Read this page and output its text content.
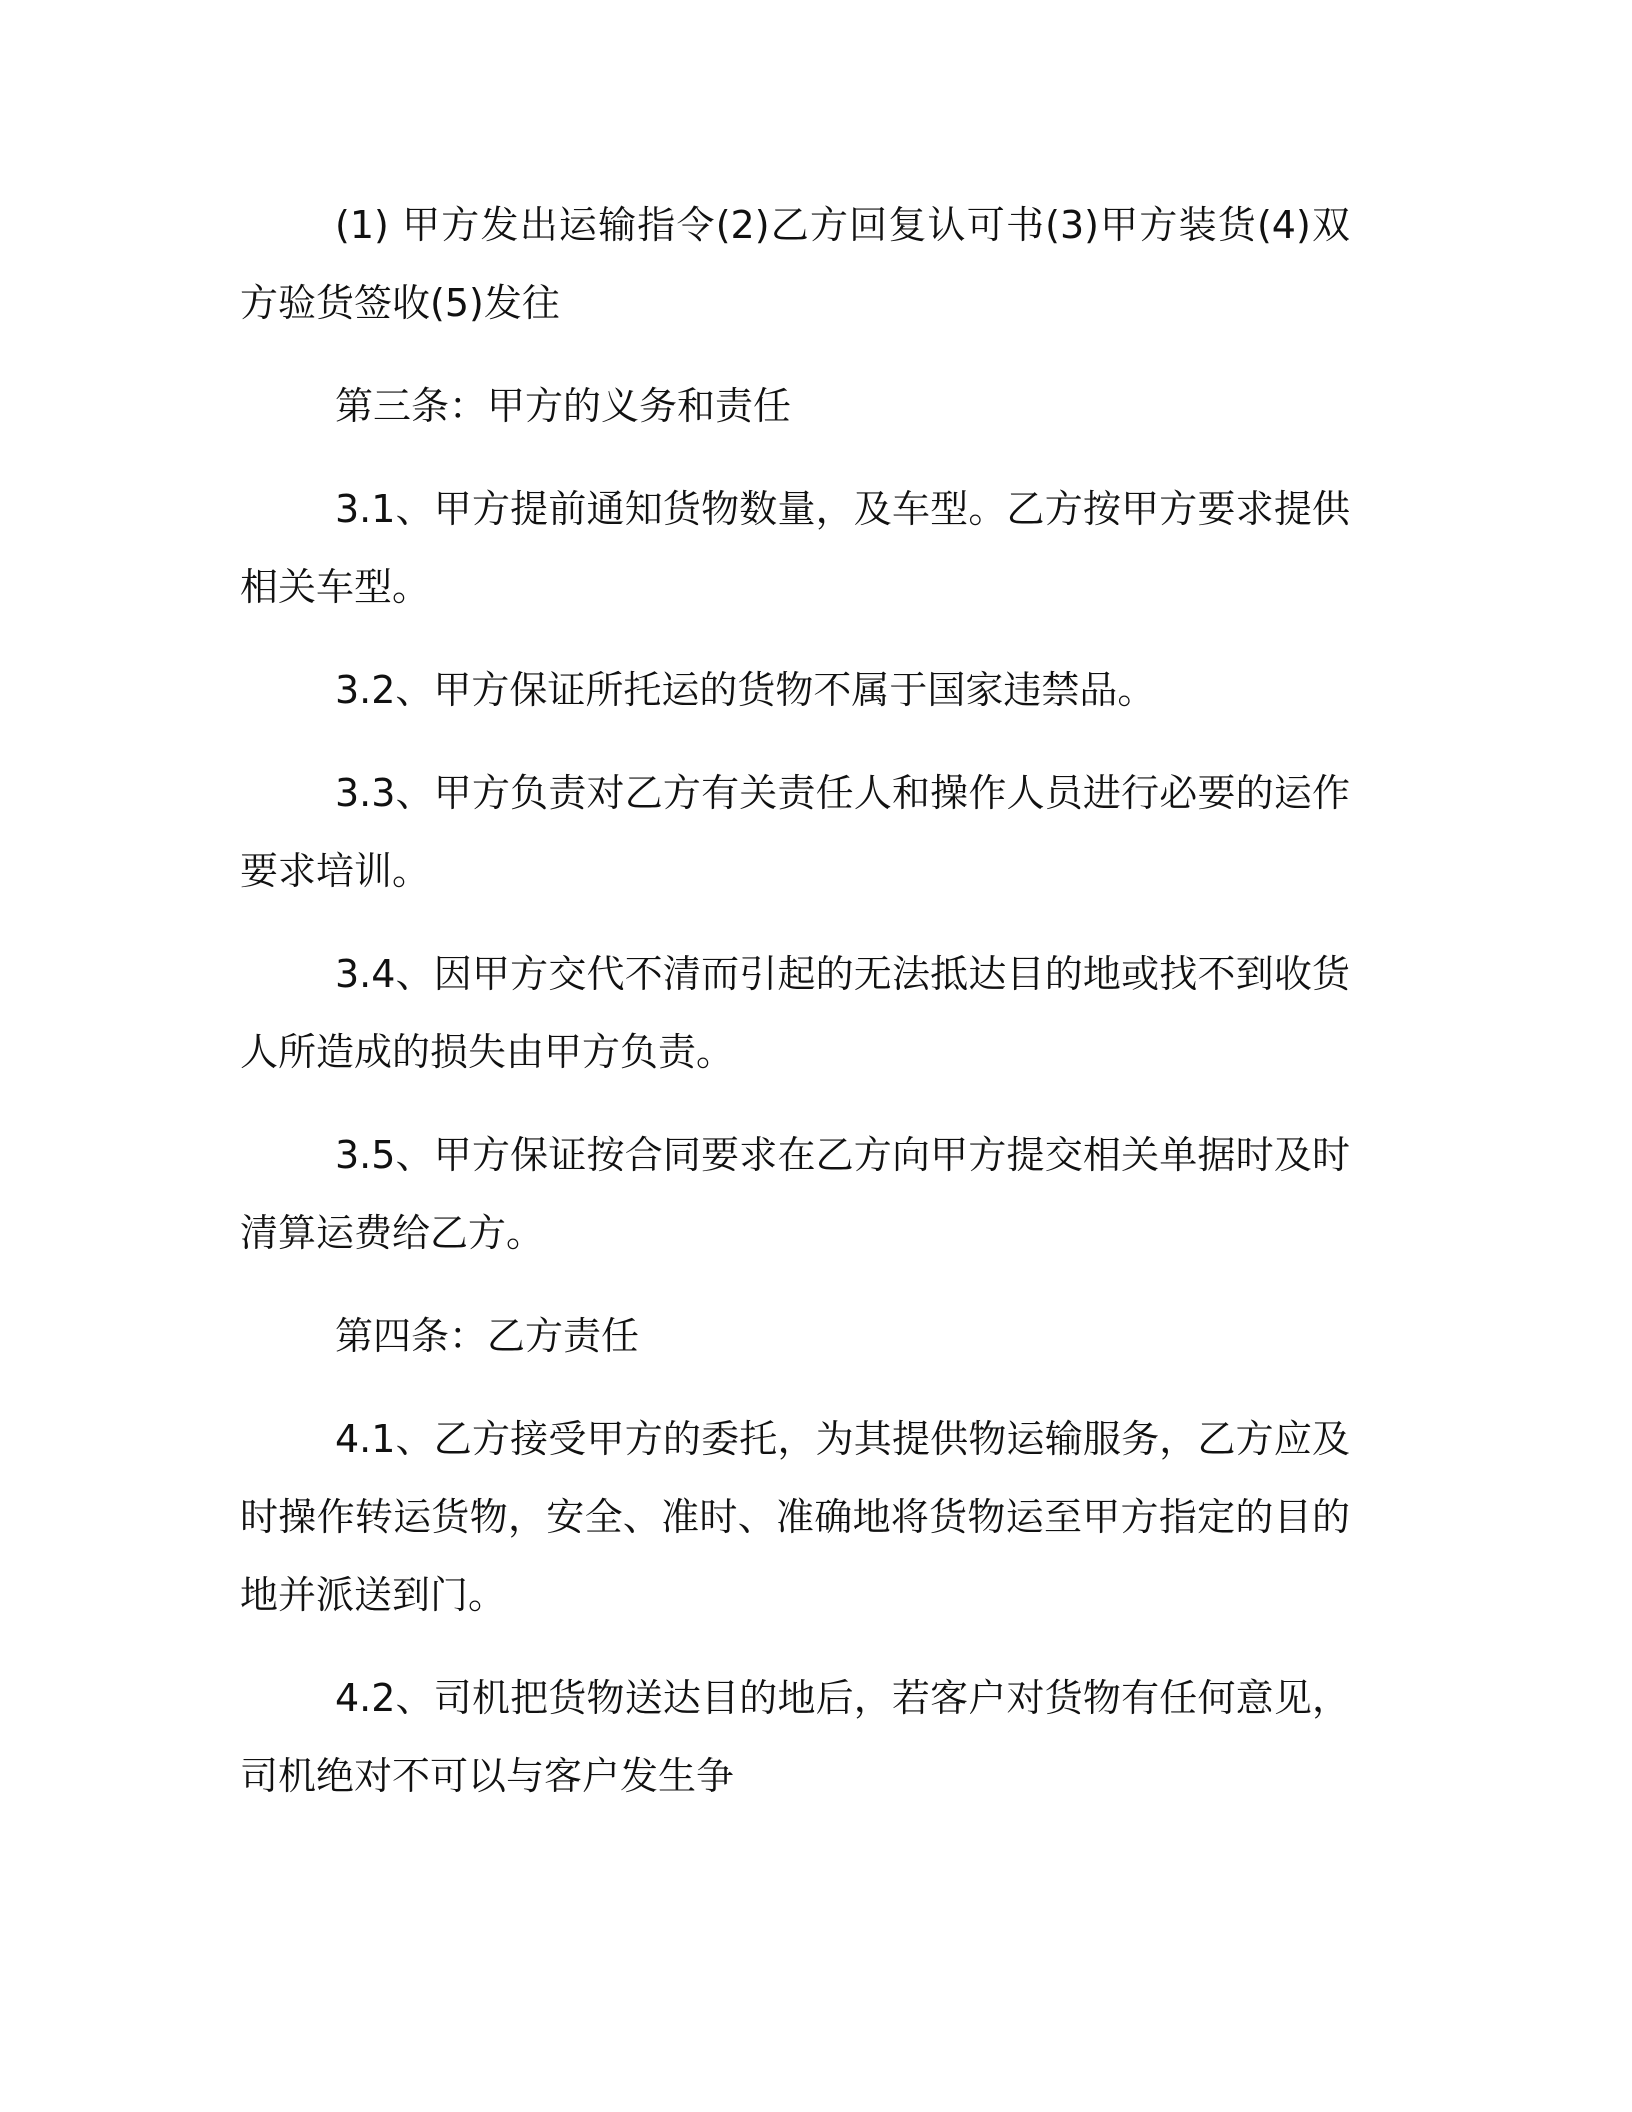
(1) 甲方发出运输指令(2)乙方回复认可书(3)甲方装货(4)双方验货签收(5)发往

第三条：甲方的义务和责任

3.1、甲方提前通知货物数量，及车型。乙方按甲方要求提供相关车型。

3.2、甲方保证所托运的货物不属于国家违禁品。

3.3、甲方负责对乙方有关责任人和操作人员进行必要的运作要求培训。

3.4、因甲方交代不清而引起的无法抵达目的地或找不到收货人所造成的损失由甲方负责。

3.5、甲方保证按合同要求在乙方向甲方提交相关单据时及时清算运费给乙方。

第四条：乙方责任

4.1、乙方接受甲方的委托，为其提供物运输服务，乙方应及时操作转运货物，安全、准时、准确地将货物运至甲方指定的目的地并派送到门。

4.2、司机把货物送达目的地后，若客户对货物有任何意见，司机绝对不可以与客户发生争
